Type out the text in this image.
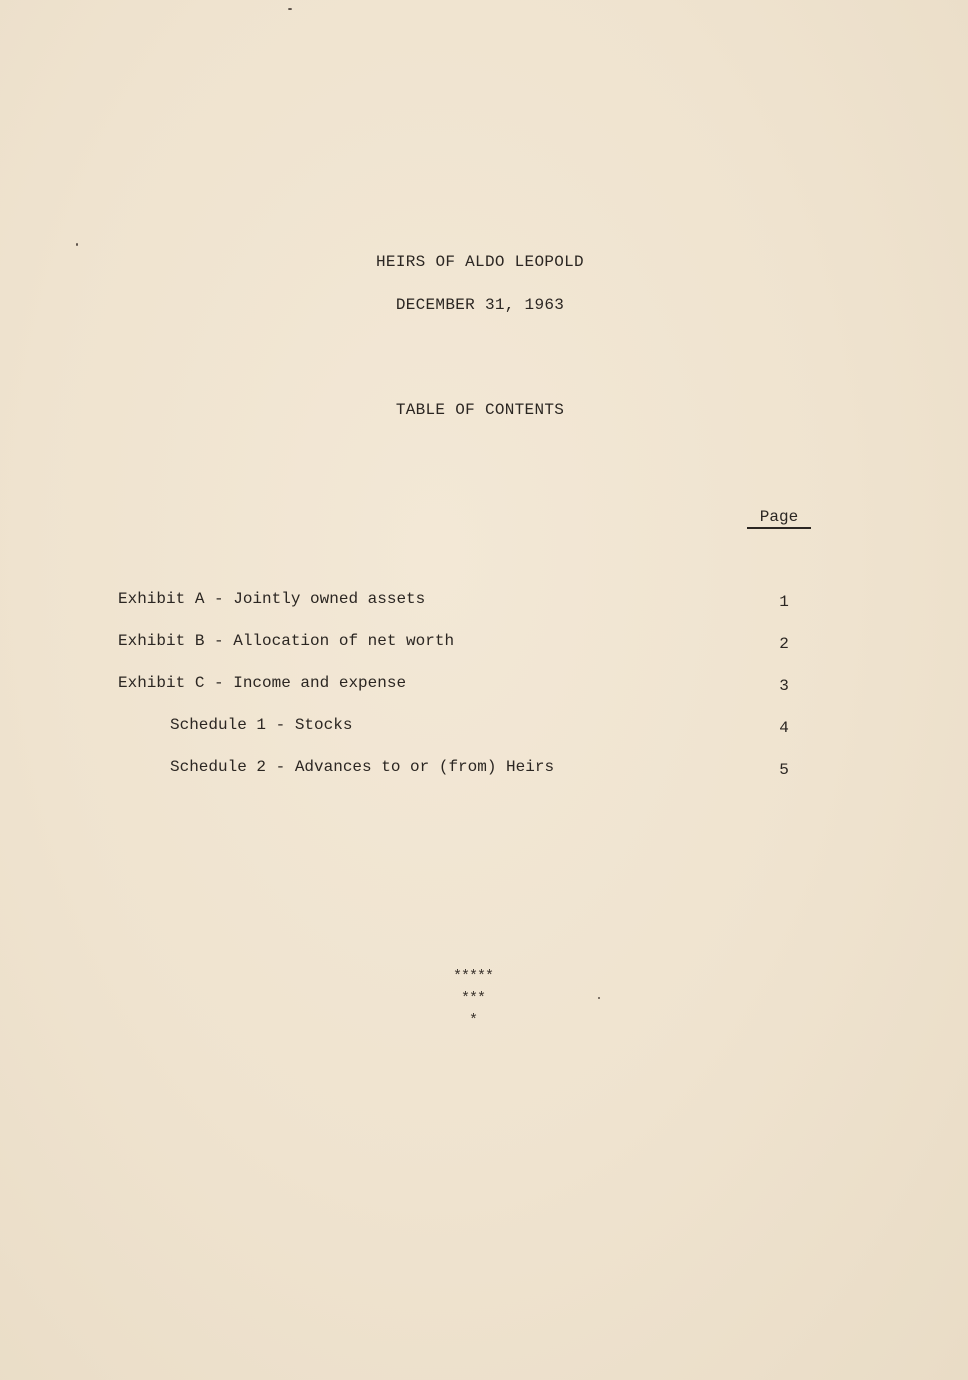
HEIRS OF ALDO LEOPOLD
DECEMBER 31, 1963
TABLE OF CONTENTS
Page
Exhibit A - Jointly owned assets	1
Exhibit B - Allocation of net worth	2
Exhibit C - Income and expense	3
Schedule 1 - Stocks	4
Schedule 2 - Advances to or (from) Heirs	5
*****
***
*
